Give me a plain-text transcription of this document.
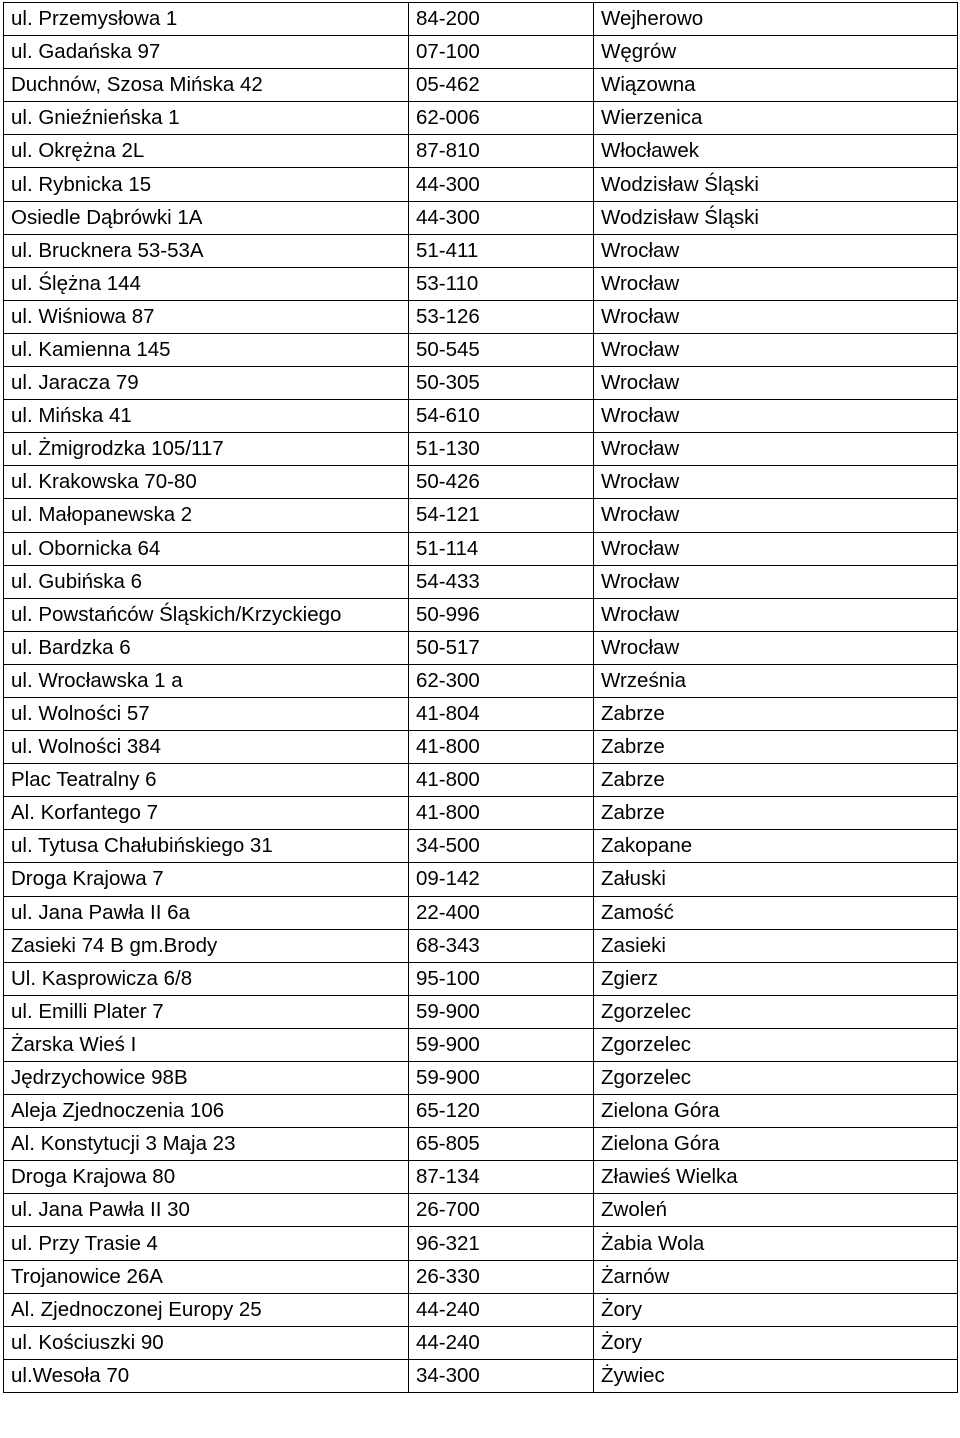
ul. Przemysłowa 1	84-200	Wejherowo
ul. Gadańska 97	07-100	Węgrów
Duchnów, Szosa Mińska 42	05-462	Wiązowna
ul. Gnieźnieńska 1	62-006	Wierzenica
ul. Okrężna 2L	87-810	Włocławek
ul. Rybnicka 15	44-300	Wodzisław Śląski
Osiedle Dąbrówki 1A	44-300	Wodzisław Śląski
ul. Brucknera 53-53A	51-411	Wrocław
ul. Ślężna 144	53-110	Wrocław
ul. Wiśniowa 87	53-126	Wrocław
ul. Kamienna 145	50-545	Wrocław
ul. Jaracza 79	50-305	Wrocław
ul. Mińska 41	54-610	Wrocław
ul. Żmigrodzka 105/117	51-130	Wrocław
ul. Krakowska 70-80	50-426	Wrocław
ul. Małopanewska 2	54-121	Wrocław
ul. Obornicka 64	51-114	Wrocław
ul. Gubińska 6	54-433	Wrocław
ul. Powstańców Śląskich/Krzyckiego	50-996	Wrocław
ul. Bardzka 6	50-517	Wrocław
ul. Wrocławska 1 a	62-300	Września
ul. Wolności 57	41-804	Zabrze
ul. Wolności 384	41-800	Zabrze
Plac Teatralny 6	41-800	Zabrze
Al. Korfantego 7	41-800	Zabrze
ul. Tytusa Chałubińskiego 31	34-500	Zakopane
Droga Krajowa 7	09-142	Załuski
ul. Jana Pawła II 6a	22-400	Zamość
Zasieki 74 B gm.Brody	68-343	Zasieki
Ul. Kasprowicza 6/8	95-100	Zgierz
ul. Emilli Plater 7	59-900	Zgorzelec
Żarska Wieś I	59-900	Zgorzelec
Jędrzychowice 98B	59-900	Zgorzelec
Aleja Zjednoczenia 106	65-120	Zielona Góra
Al. Konstytucji 3 Maja 23	65-805	Zielona Góra
Droga Krajowa 80	87-134	Zławieś Wielka
ul. Jana Pawła II 30	26-700	Zwoleń
ul. Przy Trasie 4	96-321	Żabia Wola
Trojanowice 26A	26-330	Żarnów
Al. Zjednoczonej Europy 25	44-240	Żory
ul. Kościuszki 90	44-240	Żory
ul.Wesoła 70	34-300	Żywiec
